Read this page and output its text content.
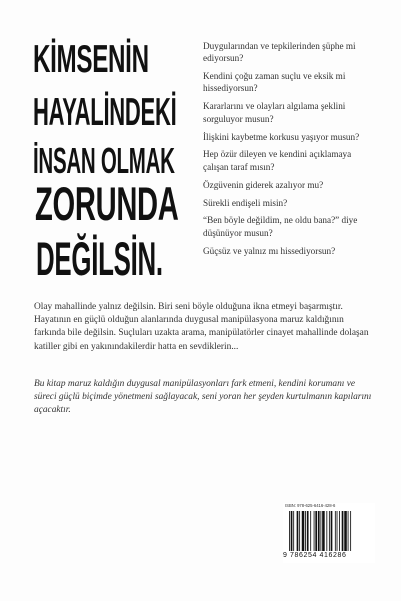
KİMSENİN
HAYALİNDEKİ
İNSAN OLMAK
ZORUNDA
DEĞİLSİN.
Duygularından ve tepkilerinden şüphe mi ediyorsun?
Kendini çoğu zaman suçlu ve eksik mi hissediyorsun?
Kararlarını ve olayları algılama şeklini sorguluyor musun?
İlişkini kaybetme korkusu yaşıyor musun?
Hep özür dileyen ve kendini açıklamaya çalışan taraf mısın?
Özgüvenin giderek azalıyor mu?
Sürekli endişeli misin?
“Ben böyle değildim, ne oldu bana?” diye düşünüyor musun?
Güçsüz ve yalnız mı hissediyorsun?

Olay mahallinde yalnız değilsin. Biri seni böyle olduğuna ikna etmeyi başarmıştır. Hayatının en güçlü olduğun alanlarında duygusal manipülasyona maruz kaldığının farkında bile değilsin. Suçluları uzakta arama, manipülatörler cinayet mahallinde dolaşan katiller gibi en yakınındakilerdir hatta en sevdiklerin...

Bu kitap maruz kaldığın duygusal manipülasyonları fark etmeni, kendini korumanı ve süreci güçlü biçimde yönetmeni sağlayacak, seni yoran her şeyden kurtulmanın kapılarını açacaktır.

ISBN: 978-625-6416-428-6
9 786254 416286
